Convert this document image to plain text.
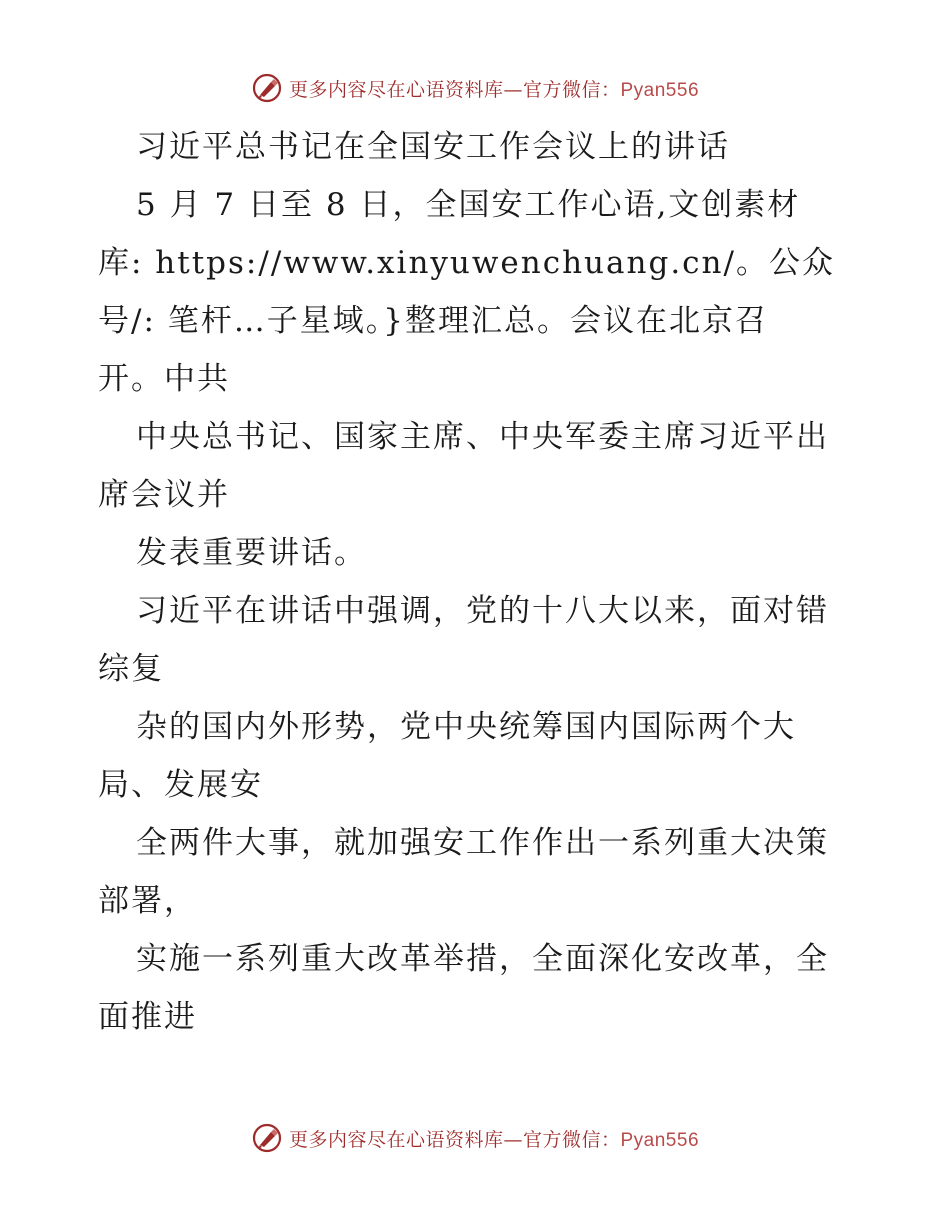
更多内容尽在心语资料库—官方微信：Pyan556
习近平总书记在全国安工作会议上的讲话
5 月 7 日至 8 日，全国安工作心语,文创素材
库: https://www.xinyuwenchuang.cn/。公众
号/: 笔杆…子星域。}整理汇总。会议在北京召
开。中共
中央总书记、国家主席、中央军委主席习近平出
席会议并
发表重要讲话。
习近平在讲话中强调，党的十八大以来，面对错
综复
杂的国内外形势，党中央统筹国内国际两个大
局、发展安
全两件大事，就加强安工作作出一系列重大决策
部署，
实施一系列重大改革举措，全面深化安改革，全
面推进
更多内容尽在心语资料库—官方微信：Pyan556
